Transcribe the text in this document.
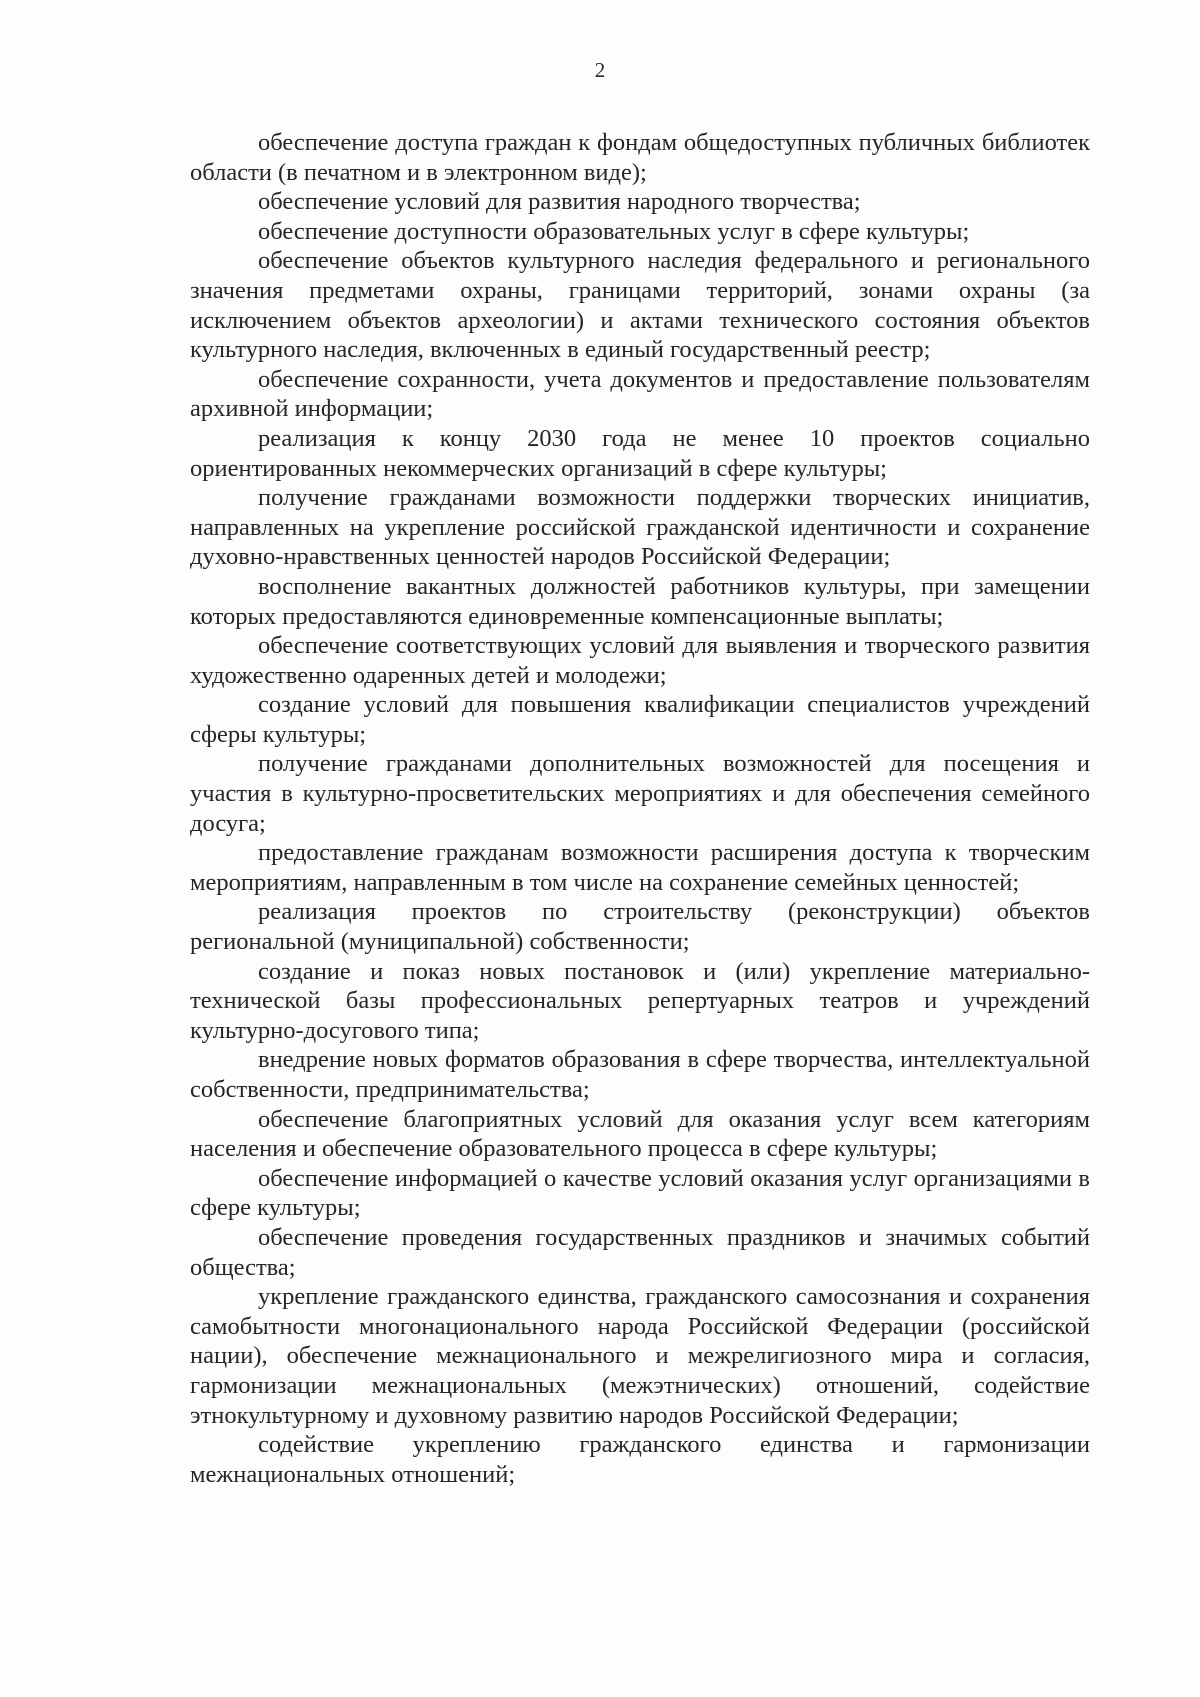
2

обеспечение доступа граждан к фондам общедоступных публичных библиотек области (в печатном и в электронном виде);

обеспечение условий для развития народного творчества;

обеспечение доступности образовательных услуг в сфере культуры;

обеспечение объектов культурного наследия федерального и регионального значения предметами охраны, границами территорий, зонами охраны (за исключением объектов археологии) и актами технического состояния объектов культурного наследия, включенных в единый государственный реестр;

обеспечение сохранности, учета документов и предоставление пользователям архивной информации;

реализация к концу 2030 года не менее 10 проектов социально ориентированных некоммерческих организаций в сфере культуры;

получение гражданами возможности поддержки творческих инициатив, направленных на укрепление российской гражданской идентичности и сохранение духовно-нравственных ценностей народов Российской Федерации;

восполнение вакантных должностей работников культуры, при замещении которых предоставляются единовременные компенсационные выплаты;

обеспечение соответствующих условий для выявления и творческого развития художественно одаренных детей и молодежи;

создание условий для повышения квалификации специалистов учреждений сферы культуры;

получение гражданами дополнительных возможностей для посещения и участия в культурно-просветительских мероприятиях и для обеспечения семейного досуга;

предоставление гражданам возможности расширения доступа к творческим мероприятиям, направленным в том числе на сохранение семейных ценностей;

реализация проектов по строительству (реконструкции) объектов региональной (муниципальной) собственности;

создание и показ новых постановок и (или) укрепление материально-технической базы профессиональных репертуарных театров и учреждений культурно-досугового типа;

внедрение новых форматов образования в сфере творчества, интеллектуальной собственности, предпринимательства;

обеспечение благоприятных условий для оказания услуг всем категориям населения и обеспечение образовательного процесса в сфере культуры;

обеспечение информацией о качестве условий оказания услуг организациями в сфере культуры;

обеспечение проведения государственных праздников и значимых событий общества;

укрепление гражданского единства, гражданского самосознания и сохранения самобытности многонационального народа Российской Федерации (российской нации), обеспечение межнационального и межрелигиозного мира и согласия, гармонизации межнациональных (межэтнических) отношений, содействие этнокультурному и духовному развитию народов Российской Федерации;

содействие укреплению гражданского единства и гармонизации межнациональных отношений;
